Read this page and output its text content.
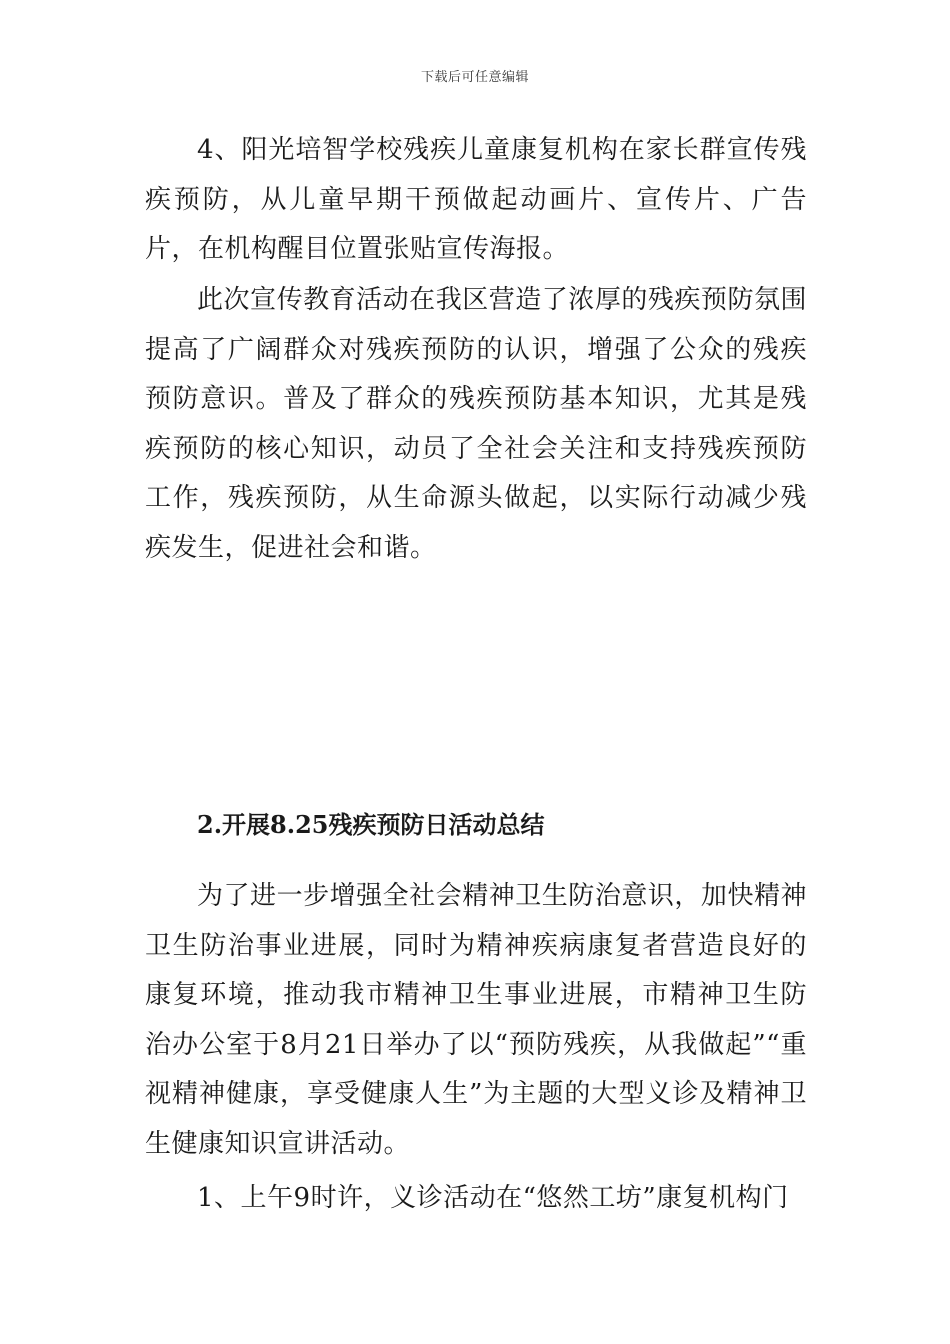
下载后可任意编辑

4、阳光培智学校残疾儿童康复机构在家长群宣传残疾预防，从儿童早期干预做起动画片、宣传片、广告片，在机构醒目位置张贴宣传海报。

此次宣传教育活动在我区营造了浓厚的残疾预防氛围提高了广阔群众对残疾预防的认识，增强了公众的残疾预防意识。普及了群众的残疾预防基本知识，尤其是残疾预防的核心知识，动员了全社会关注和支持残疾预防工作，残疾预防，从生命源头做起，以实际行动减少残疾发生，促进社会和谐。

2.开展8.25残疾预防日活动总结

为了进一步增强全社会精神卫生防治意识，加快精神卫生防治事业进展，同时为精神疾病康复者营造良好的康复环境，推动我市精神卫生事业进展，市精神卫生防治办公室于8月21日举办了以“预防残疾，从我做起”“重视精神健康，享受健康人生”为主题的大型义诊及精神卫生健康知识宣讲活动。

1、上午9时许，义诊活动在“悠然工坊”康复机构门
